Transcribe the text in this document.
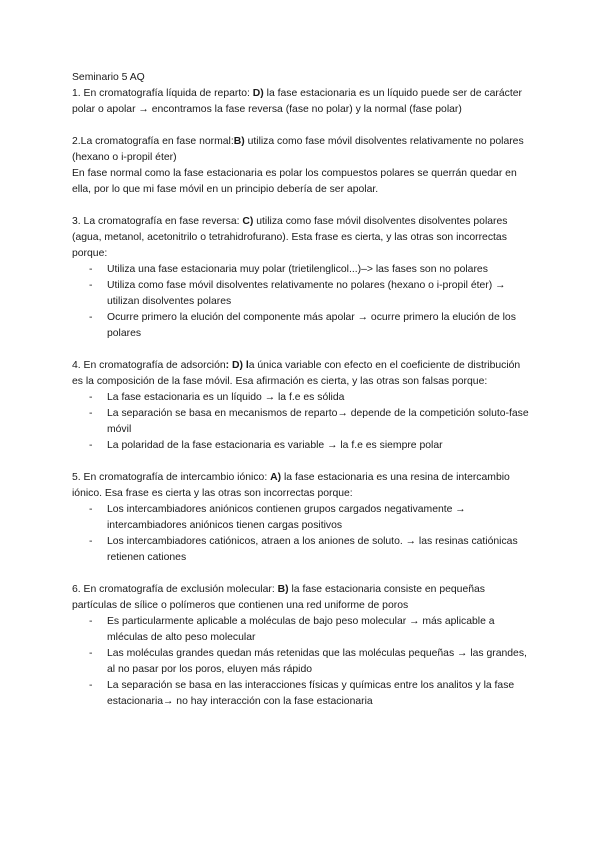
Seminario 5 AQ

1. En cromatografía líquida de reparto: D) la fase estacionaria es un líquido puede ser de carácter polar o apolar → encontramos la fase reversa (fase no polar) y la normal (fase polar)

2.La cromatografía en fase normal:B) utiliza como fase móvil disolventes relativamente no polares (hexano o i-propil éter)

En fase normal como la fase estacionaria es polar los compuestos polares se querrán quedar en ella, por lo que mi fase móvil en un principio debería de ser apolar.

3. La cromatografía en fase reversa: C) utiliza como fase móvil disolventes disolventes polares (agua, metanol, acetonitrilo o tetrahidrofurano). Esta frase es cierta, y las otras son incorrectas porque:

- Utiliza una fase estacionaria muy polar (trietilenglicol...)–> las fases son no polares
- Utiliza como fase móvil disolventes relativamente no polares (hexano o i-propil éter) → utilizan disolventes polares
- Ocurre primero la elución del componente más apolar → ocurre primero la elución de los polares

4. En cromatografía de adsorción: D) la única variable con efecto en el coeficiente de distribución es la composición de la fase móvil. Esa afirmación es cierta, y las otras son falsas porque:

- La fase estacionaria es un líquido → la f.e es sólida
- La separación se basa en mecanismos de reparto→ depende de la competición soluto-fase móvil
- La polaridad de la fase estacionaria es variable → la f.e es siempre polar

5. En cromatografía de intercambio iónico: A) la fase estacionaria es una resina de intercambio iónico. Esa frase es cierta y las otras son incorrectas porque:

- Los intercambiadores aniónicos contienen grupos cargados negativamente → intercambiadores aniónicos tienen cargas positivos
- Los intercambiadores catiónicos, atraen a los aniones de soluto. → las resinas catiónicas retienen cationes

6. En cromatografía de exclusión molecular: B) la fase estacionaria consiste en pequeñas partículas de sílice o polímeros que contienen una red uniforme de poros

- Es particularmente aplicable a moléculas de bajo peso molecular → más aplicable a mléculas de alto peso molecular
- Las moléculas grandes quedan más retenidas que las moléculas pequeñas → las grandes, al no pasar por los poros, eluyen más rápido
- La separación se basa en las interacciones físicas y químicas entre los analitos y la fase estacionaria→ no hay interacción con la fase estacionaria
